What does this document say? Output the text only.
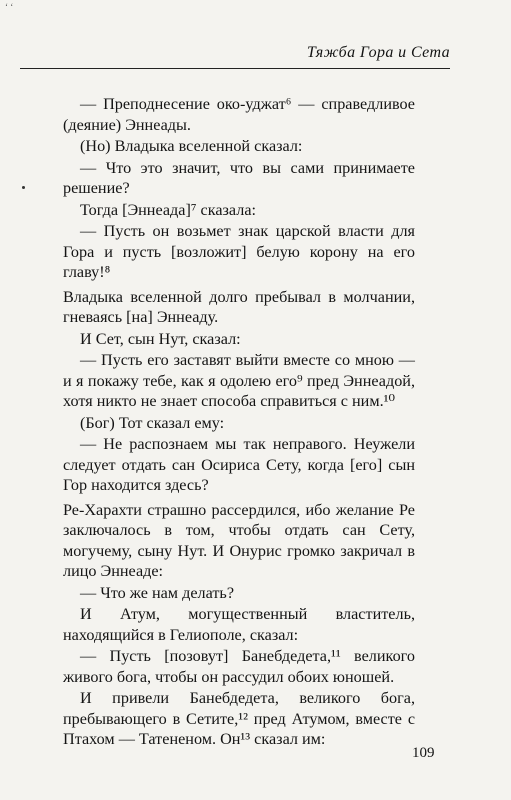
‘ ‘
Тяжба Гора и Сета

— Преподнесение око-уджат⁶ — справедливое (деяние) Эннеады.

(Но) Владыка вселенной сказал:

— Что это значит, что вы сами принимаете решение?

Тогда [Эннеада]⁷ сказала:

— Пусть он возьмет знак царской власти для Гора и пусть [возложит] белую корону на его главу!⁸

Владыка вселенной долго пребывал в молчании, гневаясь [на] Эннеаду.

И Сет, сын Нут, сказал:

— Пусть его заставят выйти вместе со мною — и я покажу тебе, как я одолею его⁹ пред Эннеадой, хотя никто не знает способа справиться с ним.¹⁰

(Бог) Тот сказал ему:

— Не распознаем мы так неправого. Неужели следует отдать сан Осириса Сету, когда [его] сын Гор находится здесь?

Ре-Харахти страшно рассердился, ибо желание Ре заключалось в том, чтобы отдать сан Сету, могучему, сыну Нут. И Онурис громко закричал в лицо Эннеаде:

— Что же нам делать?

И Атум, могущественный властитель, находящийся в Гелиополе, сказал:

— Пусть [позовут] Банебдедета,¹¹ великого живого бога, чтобы он рассудил обоих юношей.

И привели Банебдедета, великого бога, пребывающего в Сетите,¹² пред Атумом, вместе с Птахом — Татененом. Он¹³ сказал им:

109
